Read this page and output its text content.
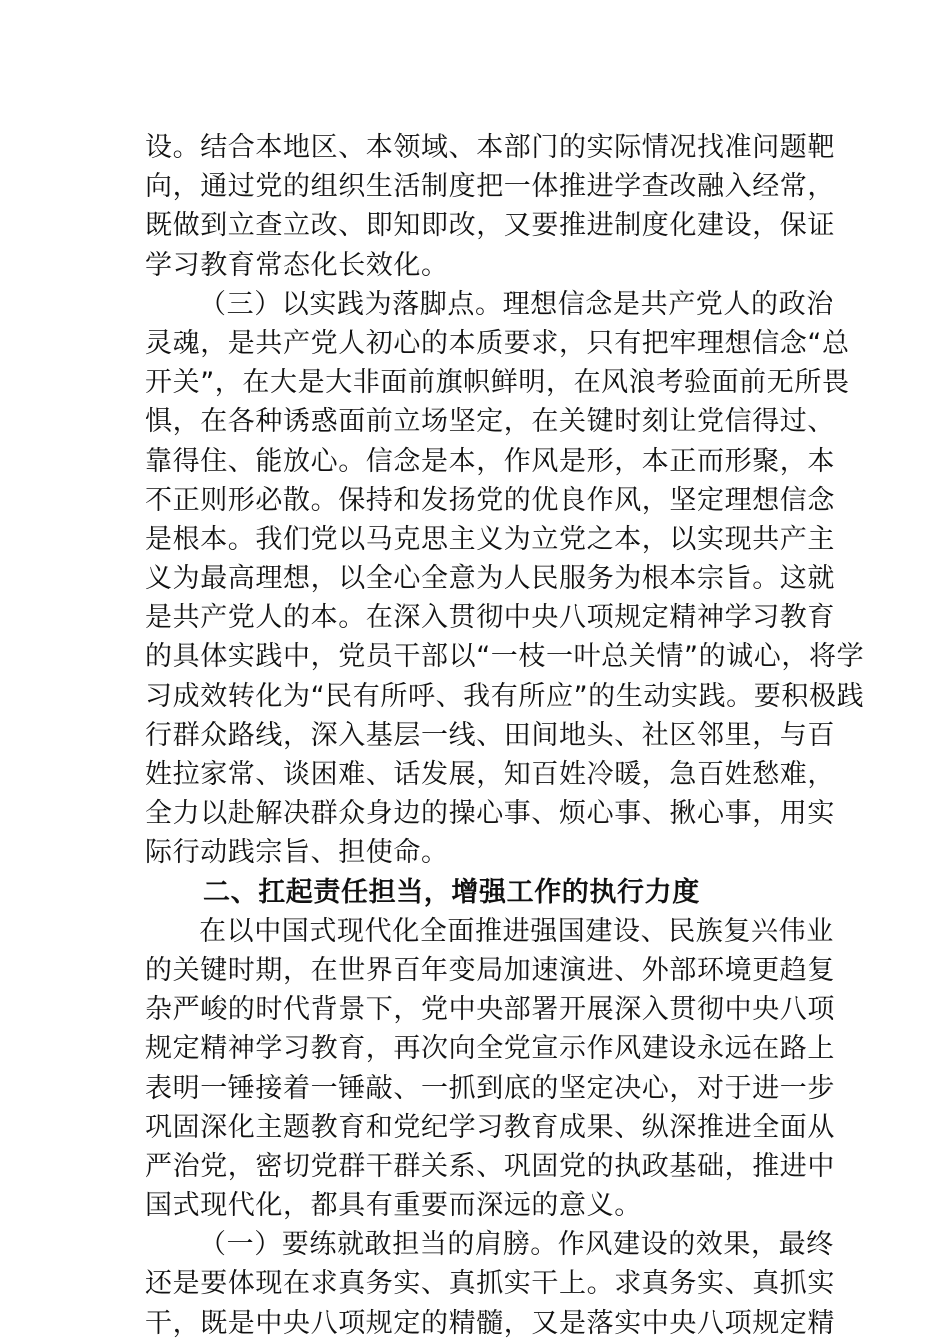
设。结合本地区、本领域、本部门的实际情况找准问题靶
向，通过党的组织生活制度把一体推进学查改融入经常，
既做到立查立改、即知即改，又要推进制度化建设，保证
学习教育常态化长效化。
（三）以实践为落脚点。理想信念是共产党人的政治
灵魂，是共产党人初心的本质要求，只有把牢理想信念“总
开关”，在大是大非面前旗帜鲜明，在风浪考验面前无所畏
惧，在各种诱惑面前立场坚定，在关键时刻让党信得过、
靠得住、能放心。信念是本，作风是形，本正而形聚，本
不正则形必散。保持和发扬党的优良作风，坚定理想信念
是根本。我们党以马克思主义为立党之本，以实现共产主
义为最高理想，以全心全意为人民服务为根本宗旨。这就
是共产党人的本。在深入贯彻中央八项规定精神学习教育
的具体实践中，党员干部以“一枝一叶总关情”的诚心，将学
习成效转化为“民有所呼、我有所应”的生动实践。要积极践
行群众路线，深入基层一线、田间地头、社区邻里，与百
姓拉家常、谈困难、话发展，知百姓冷暖，急百姓愁难，
全力以赴解决群众身边的操心事、烦心事、揪心事，用实
际行动践宗旨、担使命。
二、扛起责任担当，增强工作的执行力度
在以中国式现代化全面推进强国建设、民族复兴伟业
的关键时期，在世界百年变局加速演进、外部环境更趋复
杂严峻的时代背景下，党中央部署开展深入贯彻中央八项
规定精神学习教育，再次向全党宣示作风建设永远在路上
表明一锤接着一锤敲、一抓到底的坚定决心，对于进一步
巩固深化主题教育和党纪学习教育成果、纵深推进全面从
严治党，密切党群干群关系、巩固党的执政基础，推进中
国式现代化，都具有重要而深远的意义。
（一）要练就敢担当的肩膀。作风建设的效果，最终
还是要体现在求真务实、真抓实干上。求真务实、真抓实
干，既是中央八项规定的精髓，又是落实中央八项规定精
